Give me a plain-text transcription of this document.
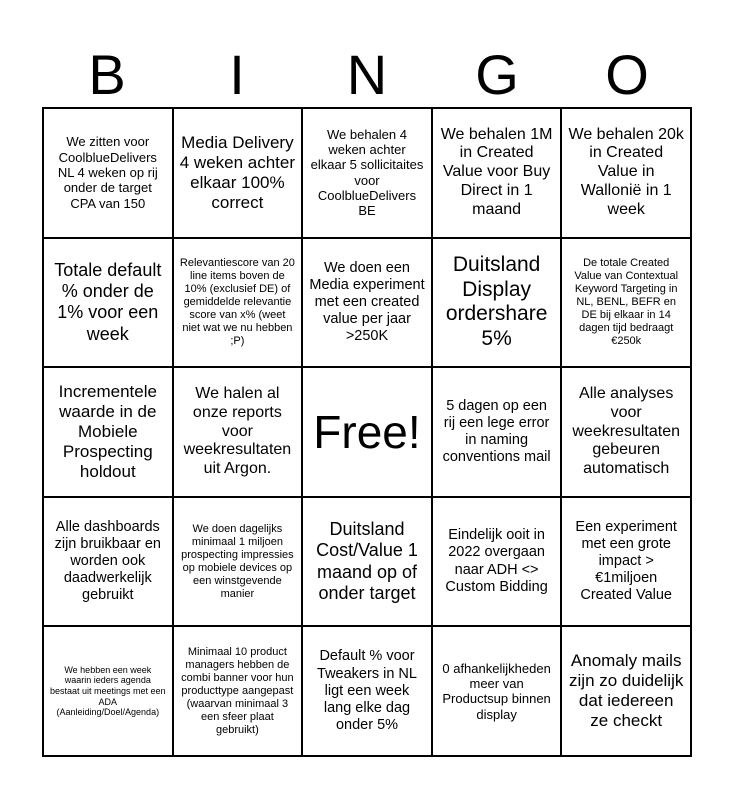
B	I	N	G	O
We zitten voor CoolblueDelivers NL 4 weken op rij onder de target CPA van 150
Media Delivery 4 weken achter elkaar 100% correct
We behalen 4 weken achter elkaar 5 sollicitaites voor CoolblueDelivers BE
We behalen 1M in Created Value voor Buy Direct in 1 maand
We behalen 20k in Created Value in Wallonië in 1 week
Totale default % onder de 1% voor een week
Relevantiescore van 20 line items boven de 10% (exclusief DE) of gemiddelde relevantie score van x% (weet niet wat we nu hebben ;P)
We doen een Media experiment met een created value per jaar >250K
Duitsland Display ordershare 5%
De totale Created Value van Contextual Keyword Targeting in NL, BENL, BEFR en DE bij elkaar in 14 dagen tijd bedraagt €250k
Incrementele waarde in de Mobiele Prospecting holdout
We halen al onze reports voor weekresultaten uit Argon.
Free!
5 dagen op een rij een lege error in naming conventions mail
Alle analyses voor weekresultaten gebeuren automatisch
Alle dashboards zijn bruikbaar en worden ook daadwerkelijk gebruikt
We doen dagelijks minimaal 1 miljoen prospecting impressies op mobiele devices op een winstgevende manier
Duitsland Cost/Value 1 maand op of onder target
Eindelijk ooit in 2022 overgaan naar ADH <> Custom Bidding
Een experiment met een grote impact > €1miljoen Created Value
We hebben een week waarin ieders agenda bestaat uit meetings met een ADA (Aanleiding/Doel/Agenda)
Minimaal 10 product managers hebben de combi banner voor hun producttype aangepast (waarvan minimaal 3 een sfeer plaat gebruikt)
Default % voor Tweakers in NL ligt een week lang elke dag onder 5%
0 afhankelijkheden meer van Productsup binnen display
Anomaly mails zijn zo duidelijk dat iedereen ze checkt
